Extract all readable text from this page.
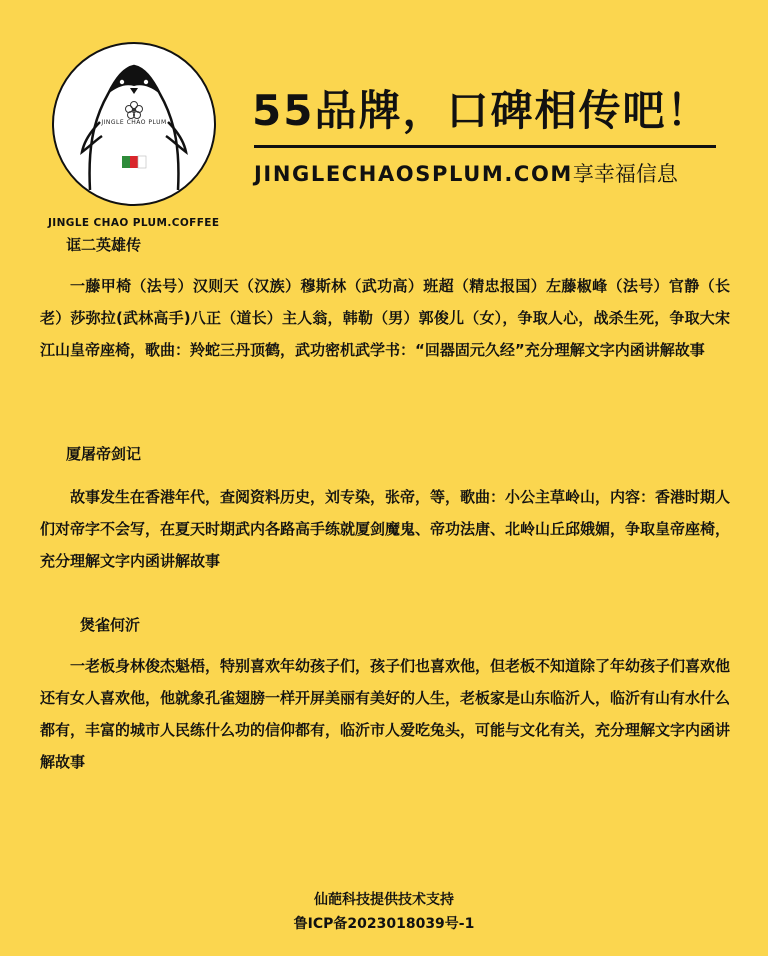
JINGLE CHAO PLUM
JINGLE CHAO PLUM.COFFEE
55品牌，口碑相传吧！
JINGLECHAOSPLUM.COM享幸福信息
诓二英雄传
一藤甲椅（法号）汉则天（汉族）穆斯林（武功高）班超（精忠报国）左藤椒峰（法号）官静（长老）莎弥拉(武林高手)八正（道长）主人翁，韩勒（男）郭俊儿（女），争取人心，战杀生死，争取大宋江山皇帝座椅，歌曲：羚蛇三丹顶鹤，武功密机武学书：“回器固元久经”充分理解文字内函讲解故事
厦屠帝剑记
故事发生在香港年代，查阅资料历史，刘专染，张帝，等，歌曲：小公主草岭山，内容：香港时期人们对帝字不会写，在夏天时期武内各路高手练就厦剑魔鬼、帝功法唐、北岭山丘邱娥媚，争取皇帝座椅，充分理解文字内函讲解故事
煲雀何沂
一老板身林俊杰魁梧，特别喜欢年幼孩子们，孩子们也喜欢他，但老板不知道除了年幼孩子们喜欢他还有女人喜欢他，他就象孔雀翅膀一样开屏美丽有美好的人生，老板家是山东临沂人，临沂有山有水什么都有，丰富的城市人民练什么功的信仰都有，临沂市人爱吃兔头，可能与文化有关，充分理解文字内函讲解故事
仙葩科技提供技术支持
鲁ICP备2023018039号-1
